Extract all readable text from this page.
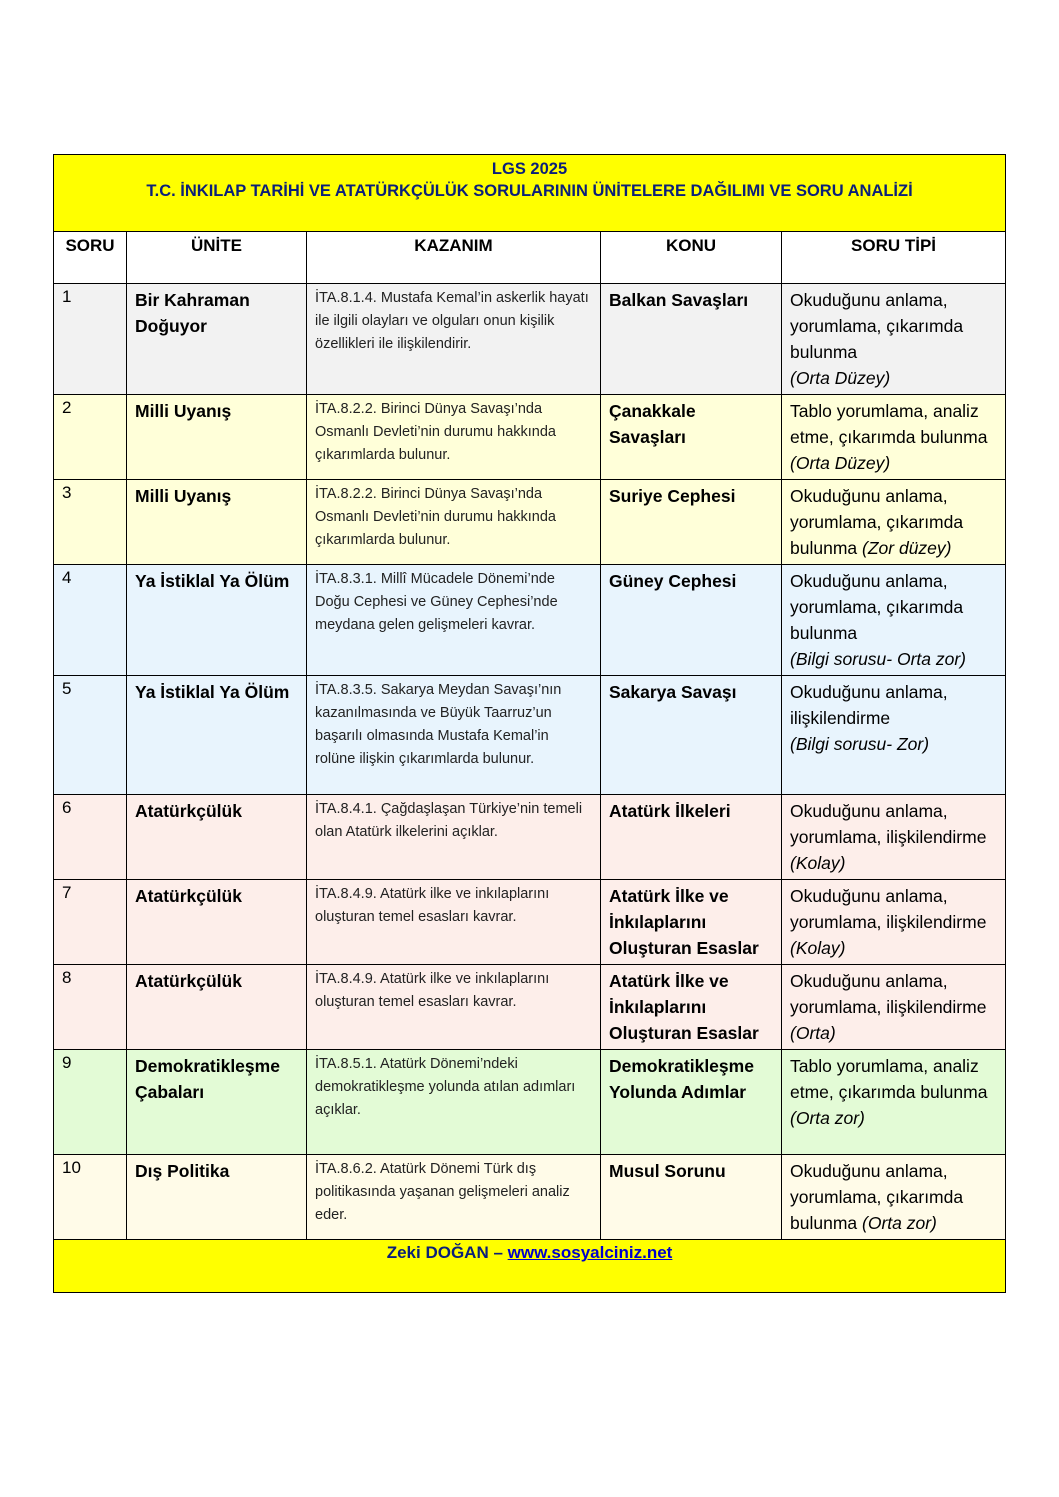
LGS 2025
T.C. İNKILAP TARİHİ VE ATATÜRKÇÜLÜK SORULARININ ÜNİTELERE DAĞILIMI VE SORU ANALİZİ				

SORU	ÜNİTE	KAZANIM	KONU	SORU TİPİ
1	Bir Kahraman Doğuyor	İTA.8.1.4. Mustafa Kemal’in askerlik hayatı ile ilgili olayları ve olguları onun kişilik özellikleri ile ilişkilendirir.	Balkan Savaşları	Okuduğunu anlama, yorumlama, çıkarımda bulunma
(Orta Düzey)
2	Milli Uyanış	İTA.8.2.2. Birinci Dünya Savaşı’nda Osmanlı Devleti’nin durumu hakkında çıkarımlarda bulunur.	Çanakkale Savaşları	Tablo yorumlama, analiz etme, çıkarımda bulunma (Orta Düzey)
3	Milli Uyanış	İTA.8.2.2. Birinci Dünya Savaşı’nda Osmanlı Devleti’nin durumu hakkında çıkarımlarda bulunur.	Suriye Cephesi	Okuduğunu anlama, yorumlama, çıkarımda bulunma (Zor düzey)
4	Ya İstiklal Ya Ölüm	İTA.8.3.1. Millî Mücadele Dönemi’nde Doğu Cephesi ve Güney Cephesi’nde meydana gelen gelişmeleri kavrar.	Güney Cephesi	Okuduğunu anlama, yorumlama, çıkarımda bulunma
(Bilgi sorusu- Orta zor)
5	Ya İstiklal Ya Ölüm	İTA.8.3.5. Sakarya Meydan Savaşı’nın kazanılmasında ve Büyük Taarruz’un başarılı olmasında Mustafa Kemal’in rolüne ilişkin çıkarımlarda bulunur.	Sakarya Savaşı	Okuduğunu anlama, ilişkilendirme
(Bilgi sorusu- Zor)
6	Atatürkçülük	İTA.8.4.1. Çağdaşlaşan Türkiye’nin temeli olan Atatürk ilkelerini açıklar.	Atatürk İlkeleri	Okuduğunu anlama, yorumlama, ilişkilendirme (Kolay)
7	Atatürkçülük	İTA.8.4.9. Atatürk ilke ve inkılaplarını oluşturan temel esasları kavrar.	Atatürk İlke ve İnkılaplarını Oluşturan Esaslar	Okuduğunu anlama, yorumlama, ilişkilendirme (Kolay)
8	Atatürkçülük	İTA.8.4.9. Atatürk ilke ve inkılaplarını oluşturan temel esasları kavrar.	Atatürk İlke ve İnkılaplarını Oluşturan Esaslar	Okuduğunu anlama, yorumlama, ilişkilendirme (Orta)
9	Demokratikleşme Çabaları	İTA.8.5.1. Atatürk Dönemi’ndeki demokratikleşme yolunda atılan adımları açıklar.	Demokratikleşme Yolunda Adımlar	Tablo yorumlama, analiz etme, çıkarımda bulunma
(Orta zor)
10	Dış Politika	İTA.8.6.2. Atatürk Dönemi Türk dış politikasında yaşanan gelişmeleri analiz eder.	Musul Sorunu	Okuduğunu anlama, yorumlama, çıkarımda bulunma (Orta zor)
Zeki DOĞAN – www.sosyalciniz.net				
